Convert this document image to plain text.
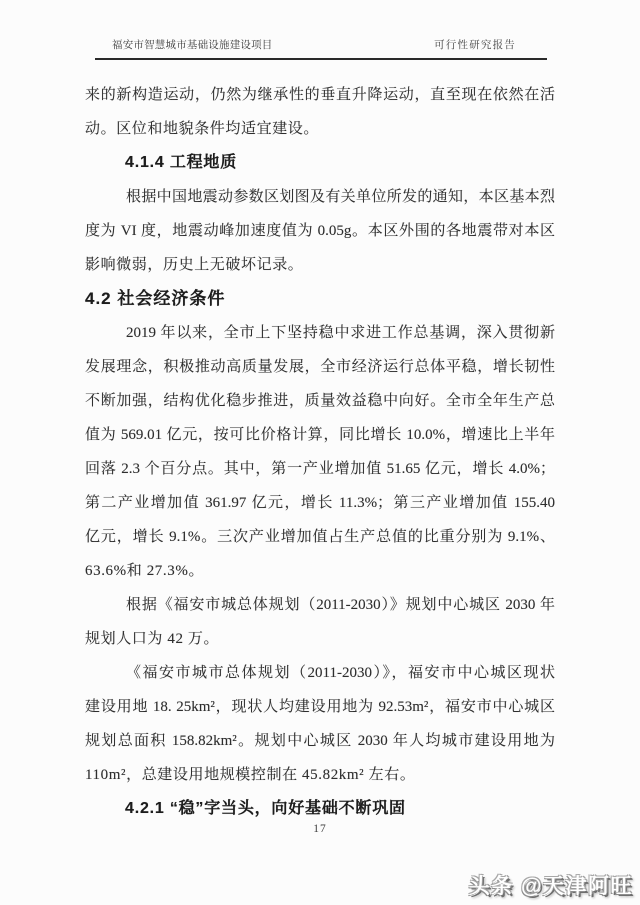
福安市智慧城市基础设施建设项目	可行性研究报告
来的新构造运动，仍然为继承性的垂直升降运动，直至现在依然在活
动。区位和地貌条件均适宜建设。
4.1.4 工程地质
根据中国地震动参数区划图及有关单位所发的通知，本区基本烈
度为 VI 度，地震动峰加速度值为 0.05g。本区外围的各地震带对本区
影响微弱，历史上无破坏记录。
4.2 社会经济条件
2019 年以来，全市上下坚持稳中求进工作总基调，深入贯彻新
发展理念，积极推动高质量发展，全市经济运行总体平稳，增长韧性
不断加强，结构优化稳步推进，质量效益稳中向好。全市全年生产总
值为 569.01 亿元，按可比价格计算，同比增长 10.0%，增速比上半年
回落 2.3 个百分点。其中，第一产业增加值 51.65 亿元，增长 4.0%；
第二产业增加值 361.97 亿元，增长 11.3%；第三产业增加值 155.40
亿元，增长 9.1%。三次产业增加值占生产总值的比重分别为 9.1%、
63.6%和 27.3%。
根据《福安市城总体规划（2011-2030）》规划中心城区 2030 年
规划人口为 42 万。
《福安市城市总体规划（2011-2030）》，福安市中心城区现状
建设用地 18. 25km²，现状人均建设用地为 92.53m²，福安市中心城区
规划总面积 158.82km²。规划中心城区 2030 年人均城市建设用地为
110m²，总建设用地规模控制在 45.82km² 左右。
4.2.1 “稳”字当头，向好基础不断巩固
17
头条 @天津阿旺
